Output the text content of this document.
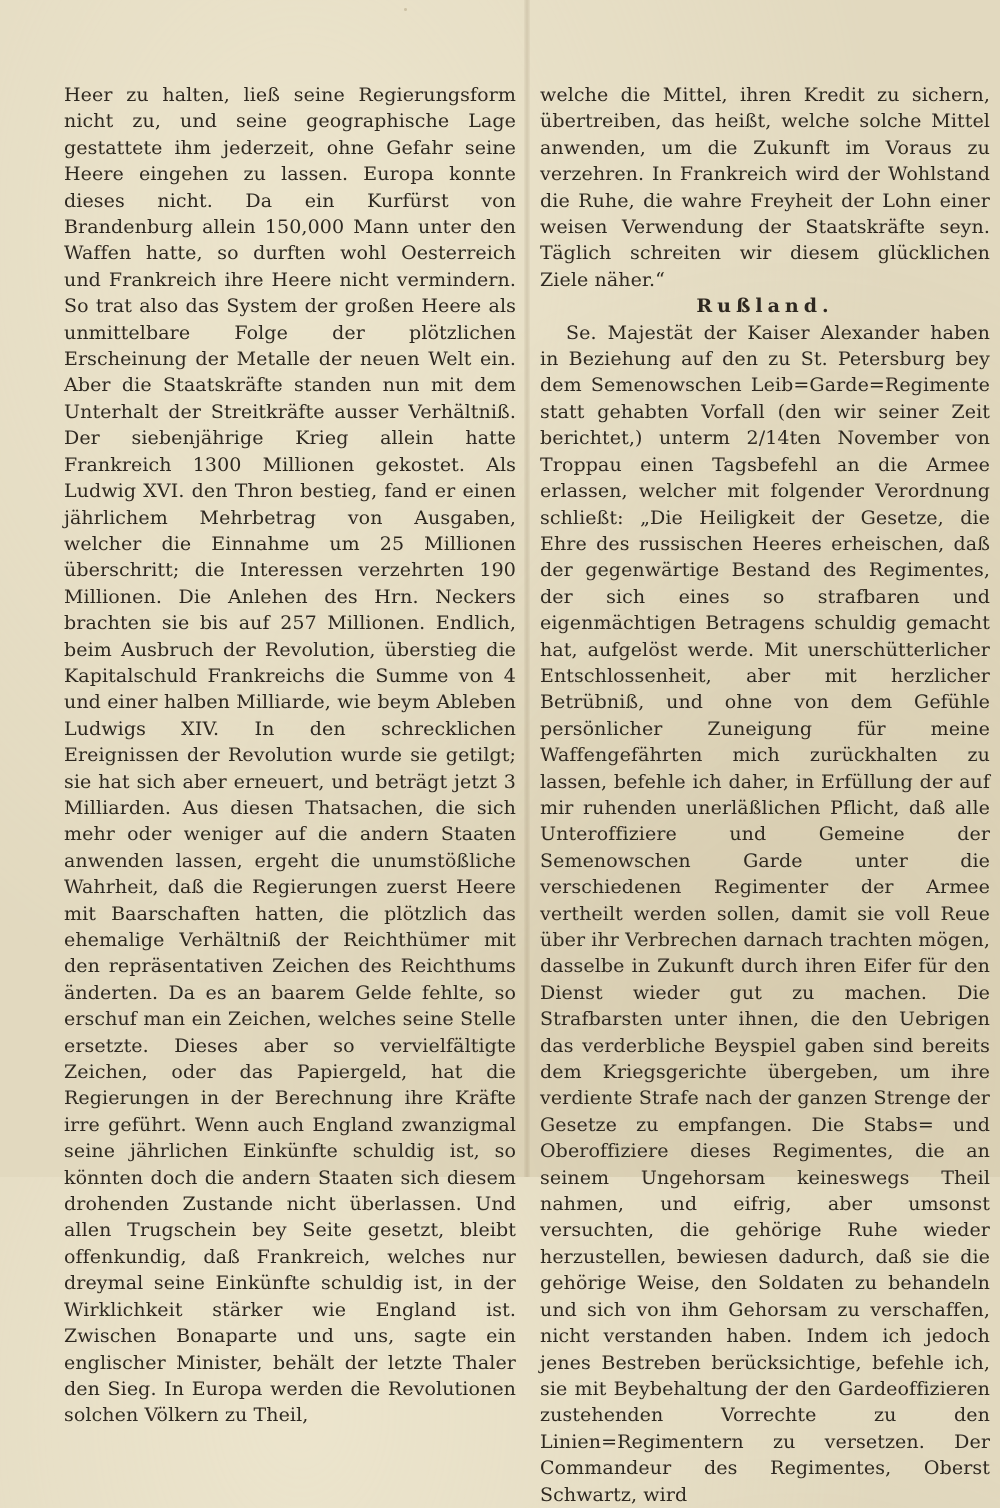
Heer zu halten, ließ seine Regierungsform nicht zu, und seine geographische Lage gestattete ihm jederzeit, ohne Gefahr seine Heere eingehen zu lassen. Europa konnte dieses nicht. Da ein Kurfürst von Brandenburg allein 150,000 Mann unter den Waffen hatte, so durften wohl Oesterreich und Frankreich ihre Heere nicht vermindern. So trat also das System der großen Heere als unmittelbare Folge der plötzlichen Erscheinung der Metalle der neuen Welt ein. Aber die Staatskräfte standen nun mit dem Unterhalt der Streitkräfte ausser Verhältniß. Der siebenjährige Krieg allein hatte Frankreich 1300 Millionen gekostet. Als Ludwig XVI. den Thron bestieg, fand er einen jährlichem Mehrbetrag von Ausgaben, welcher die Einnahme um 25 Millionen überschritt; die Interessen verzehrten 190 Millionen. Die Anlehen des Hrn. Neckers brachten sie bis auf 257 Millionen. Endlich, beim Ausbruch der Revolution, überstieg die Kapitalschuld Frankreichs die Summe von 4 und einer halben Milliarde, wie beym Ableben Ludwigs XIV. In den schrecklichen Ereignissen der Revolution wurde sie getilgt; sie hat sich aber erneuert, und beträgt jetzt 3 Milliarden. Aus diesen Thatsachen, die sich mehr oder weniger auf die andern Staaten anwenden lassen, ergeht die unumstößliche Wahrheit, daß die Regierungen zuerst Heere mit Baarschaften hatten, die plötzlich das ehemalige Verhältniß der Reichthümer mit den repräsentativen Zeichen des Reichthums änderten. Da es an baarem Gelde fehlte, so erschuf man ein Zeichen, welches seine Stelle ersetzte. Dieses aber so vervielfältigte Zeichen, oder das Papiergeld, hat die Regierungen in der Berechnung ihre Kräfte irre geführt. Wenn auch England zwanzigmal seine jährlichen Einkünfte schuldig ist, so könnten doch die andern Staaten sich diesem drohenden Zustande nicht überlassen. Und allen Trugschein bey Seite gesetzt, bleibt offenkundig, daß Frankreich, welches nur dreymal seine Einkünfte schuldig ist, in der Wirklichkeit stärker wie England ist. Zwischen Bonaparte und uns, sagte ein englischer Minister, behält der letzte Thaler den Sieg. In Europa werden die Revolutionen solchen Völkern zu Theil,

welche die Mittel, ihren Kredit zu sichern, übertreiben, das heißt, welche solche Mittel anwenden, um die Zukunft im Voraus zu verzehren. In Frankreich wird der Wohlstand die Ruhe, die wahre Freyheit der Lohn einer weisen Verwendung der Staatskräfte seyn. Täglich schreiten wir diesem glücklichen Ziele näher.“

Rußland.

Se. Majestät der Kaiser Alexander haben in Beziehung auf den zu St. Petersburg bey dem Semenowschen Leib=Garde=Regimente statt gehabten Vorfall (den wir seiner Zeit berichtet,) unterm 2/14ten November von Troppau einen Tagsbefehl an die Armee erlassen, welcher mit folgender Verordnung schließt: „Die Heiligkeit der Gesetze, die Ehre des russischen Heeres erheischen, daß der gegenwärtige Bestand des Regimentes, der sich eines so strafbaren und eigenmächtigen Betragens schuldig gemacht hat, aufgelöst werde. Mit unerschütterlicher Entschlossenheit, aber mit herzlicher Betrübniß, und ohne von dem Gefühle persönlicher Zuneigung für meine Waffengefährten mich zurückhalten zu lassen, befehle ich daher, in Erfüllung der auf mir ruhenden unerläßlichen Pflicht, daß alle Unteroffiziere und Gemeine der Semenowschen Garde unter die verschiedenen Regimenter der Armee vertheilt werden sollen, damit sie voll Reue über ihr Verbrechen darnach trachten mögen, dasselbe in Zukunft durch ihren Eifer für den Dienst wieder gut zu machen. Die Strafbarsten unter ihnen, die den Uebrigen das verderbliche Beyspiel gaben sind bereits dem Kriegsgerichte übergeben, um ihre verdiente Strafe nach der ganzen Strenge der Gesetze zu empfangen. Die Stabs= und Oberoffiziere dieses Regimentes, die an seinem Ungehorsam keineswegs Theil nahmen, und eifrig, aber umsonst versuchten, die gehörige Ruhe wieder herzustellen, bewiesen dadurch, daß sie die gehörige Weise, den Soldaten zu behandeln und sich von ihm Gehorsam zu verschaffen, nicht verstanden haben. Indem ich jedoch jenes Bestreben berücksichtige, befehle ich, sie mit Beybehaltung der den Gardeoffizieren zustehenden Vorrechte zu den Linien=Regimentern zu versetzen. Der Commandeur des Regimentes, Oberst Schwartz, wird
